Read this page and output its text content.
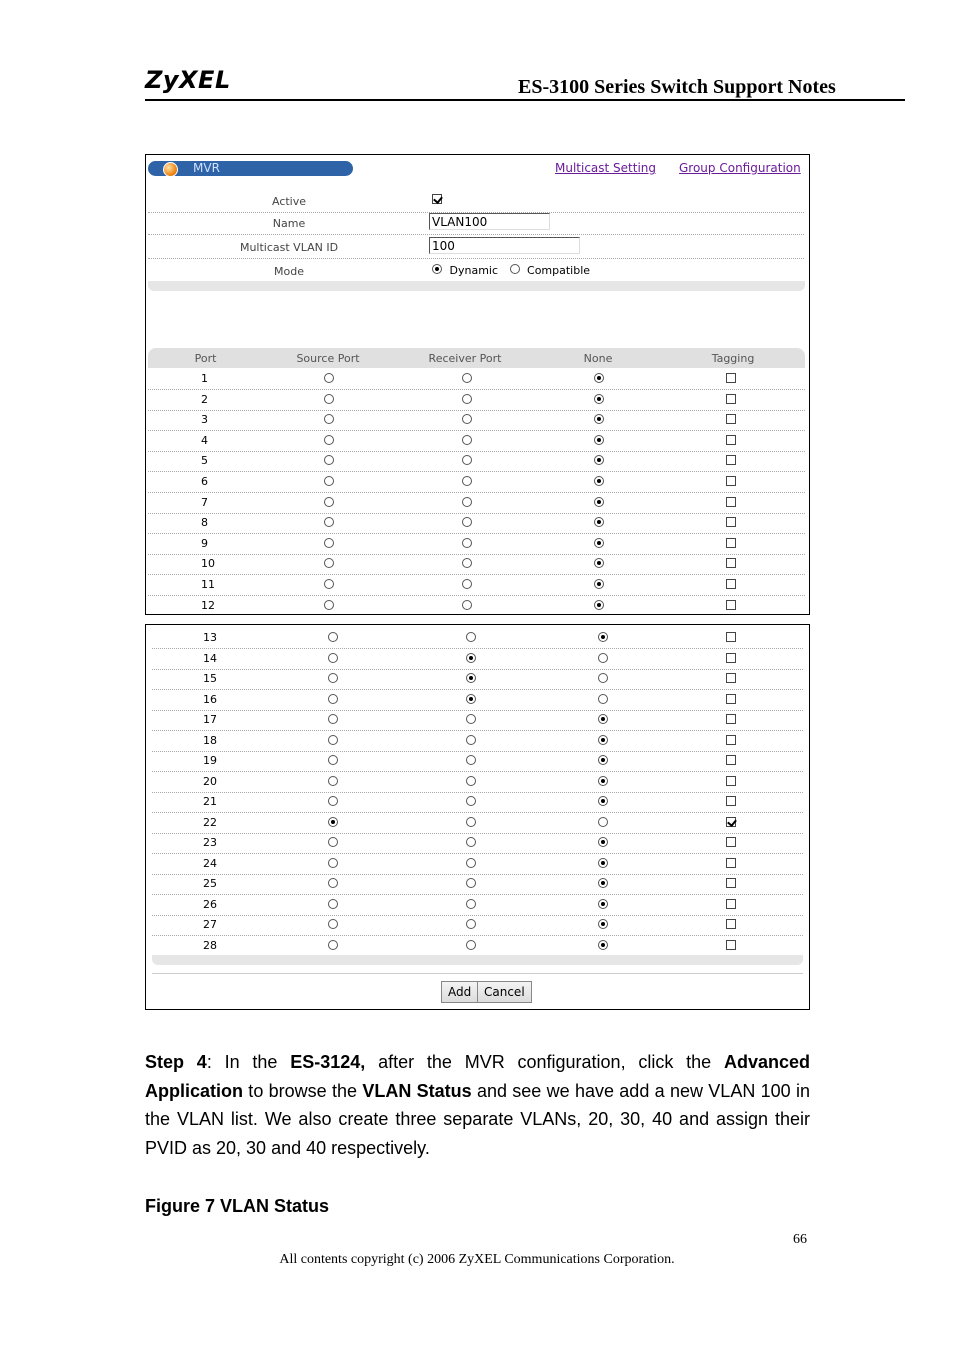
ZyXEL	ES-3100 Series Switch Support Notes
MVR	Multicast Setting Group Configuration
Active
Name	VLAN100
Multicast VLAN ID	100
Mode	Dynamic	Compatible
Port	Source Port	Receiver Port	None	Tagging
1
2
3
4
5
6
7
8
9
10
11
12
13
14
15
16
17
18
19
20
21
22
23
24
25
26
27
28
Add	Cancel
Step 4: In the ES-3124, after the MVR configuration, click the Advanced Application to browse the VLAN Status and see we have add a new VLAN 100 in the VLAN list. We also create three separate VLANs, 20, 30, 40 and assign their PVID as 20, 30 and 40 respectively.
Figure 7 VLAN Status
66
All contents copyright (c) 2006 ZyXEL Communications Corporation.
